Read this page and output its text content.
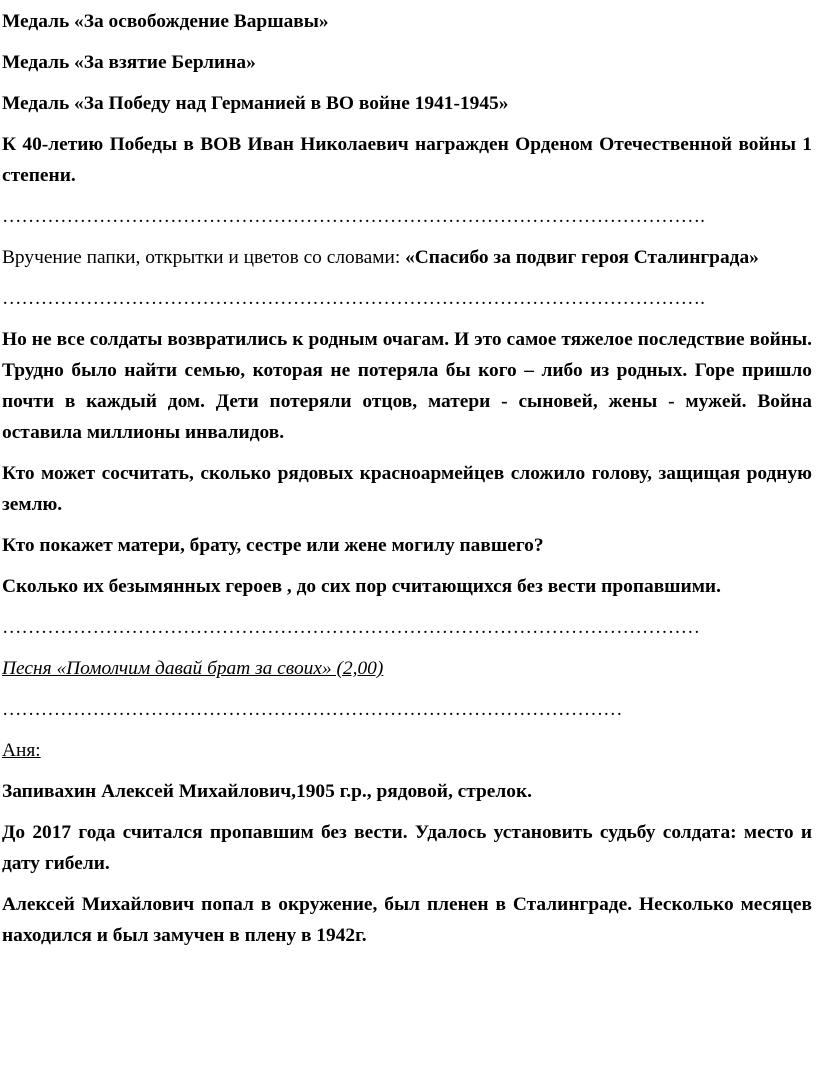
Медаль «За освобождение Варшавы»

Медаль «За взятие Берлина»

Медаль «За Победу над Германией в ВО войне 1941-1945»

К 40-летию Победы в ВОВ Иван Николаевич награжден Орденом Отечественной войны 1 степени.

……………………………………………………………………………………………….

Вручение папки, открытки и цветов со словами: «Спасибо за подвиг героя Сталинграда»

……………………………………………………………………………………………….

Но не все солдаты возвратились к родным очагам. И это самое тяжелое последствие войны. Трудно было найти семью, которая не потеряла бы кого – либо из родных. Горе пришло почти в каждый дом. Дети потеряли отцов, матери - сыновей, жены - мужей. Война оставила миллионы инвалидов.

Кто может сосчитать, сколько рядовых красноармейцев сложило голову, защищая родную землю.

Кто покажет матери, брату, сестре или жене могилу павшего?

Сколько их безымянных героев , до сих пор считающихся без вести пропавшими.

………………………………………………………………………………………………

Песня «Помолчим давай брат за своих» (2,00)

……………………………………………………………………………………

Аня:

Запивахин Алексей Михайлович,1905 г.р., рядовой, стрелок.

До 2017 года считался пропавшим без вести. Удалось установить судьбу солдата: место и дату гибели.

Алексей Михайлович попал в окружение, был пленен в Сталинграде. Несколько месяцев находился и был замучен в плену в 1942г.
